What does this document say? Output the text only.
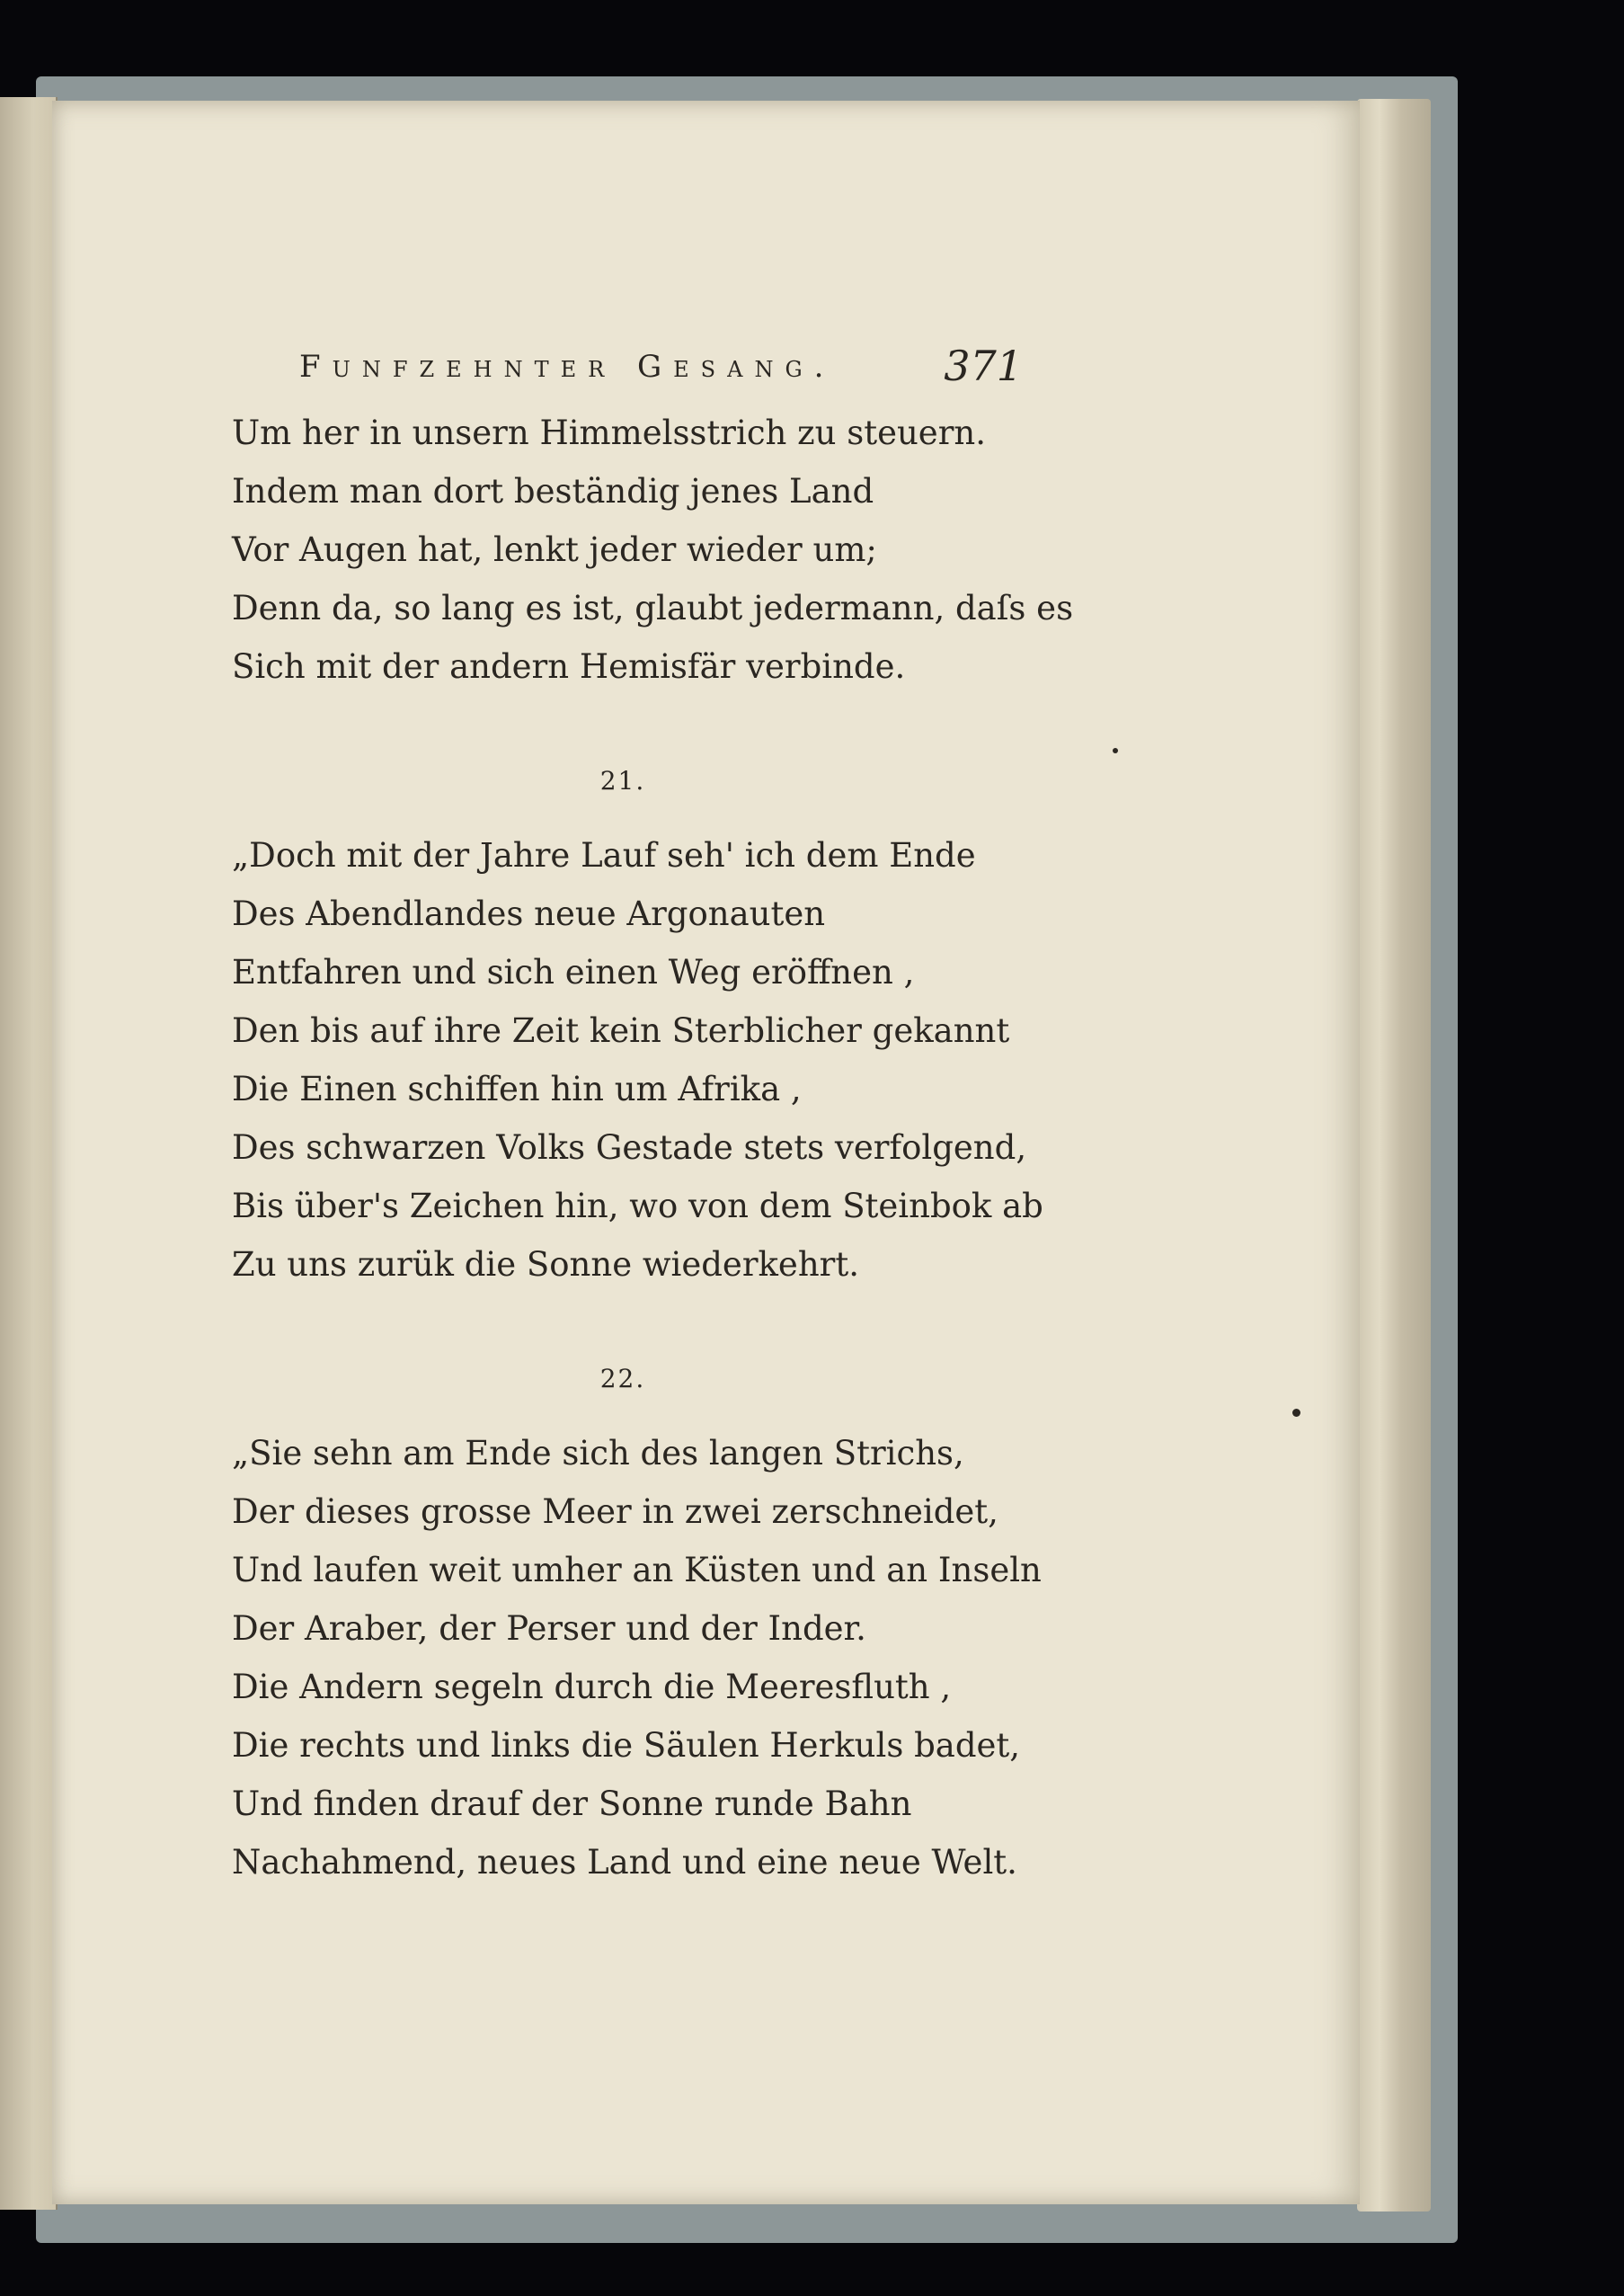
Funfzehnter Gesang.	371

Um her in unsern Himmelsstrich zu steuern.

Indem man dort beständig jenes Land

Vor Augen hat, lenkt jeder wieder um;

Denn da, so lang es ist, glaubt jedermann, daſs es

Sich mit der andern Hemisfär verbinde.

21.

„Doch mit der Jahre Lauf seh' ich dem Ende

Des Abendlandes neue Argonauten

Entfahren und sich einen Weg eröffnen ,

Den bis auf ihre Zeit kein Sterblicher gekannt

Die Einen schiffen hin um Afrika ,

Des schwarzen Volks Gestade stets verfolgend,

Bis über's Zeichen hin, wo von dem Steinbok ab

Zu uns zurük die Sonne wiederkehrt.

22.

„Sie sehn am Ende sich des langen Strichs,

Der dieses grosse Meer in zwei zerschneidet,

Und laufen weit umher an Küsten und an Inseln

Der Araber, der Perser und der Inder.

Die Andern segeln durch die Meeresfluth ,

Die rechts und links die Säulen Herkuls badet,

Und finden drauf der Sonne runde Bahn

Nachahmend, neues Land und eine neue Welt.
